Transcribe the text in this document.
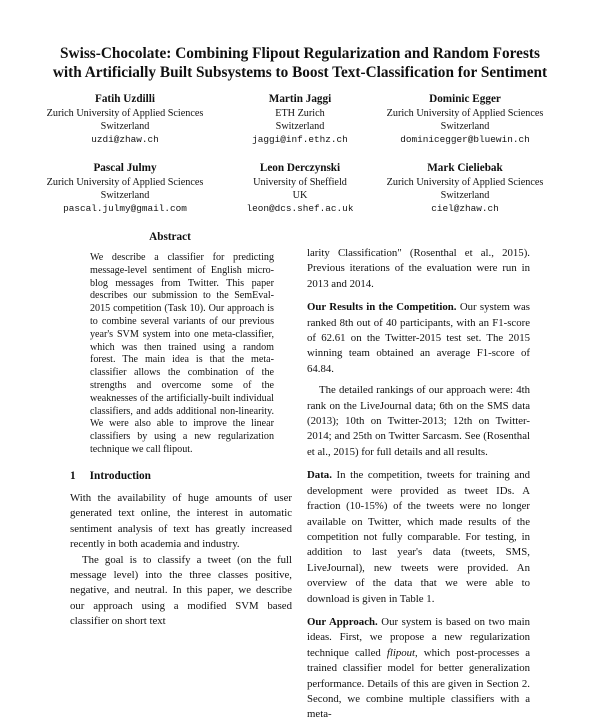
Swiss-Chocolate: Combining Flipout Regularization and Random Forests
with Artificially Built Subsystems to Boost Text-Classification for Sentiment
Fatih Uzdilli
Zurich University of Applied Sciences
Switzerland
uzdi@zhaw.ch
Martin Jaggi
ETH Zurich
Switzerland
jaggi@inf.ethz.ch
Dominic Egger
Zurich University of Applied Sciences
Switzerland
dominicegger@bluewin.ch
Pascal Julmy
Zurich University of Applied Sciences
Switzerland
pascal.julmy@gmail.com
Leon Derczynski
University of Sheffield
UK
leon@dcs.shef.ac.uk
Mark Cieliebak
Zurich University of Applied Sciences
Switzerland
ciel@zhaw.ch
Abstract

We describe a classifier for predicting message-level sentiment of English micro-blog messages from Twitter. This paper describes our submission to the SemEval-2015 competition (Task 10). Our approach is to combine several variants of our previous year's SVM system into one meta-classifier, which was then trained using a random forest. The main idea is that the meta-classifier allows the combination of the strengths and overcome some of the weaknesses of the artificially-built individual classifiers, and adds additional non-linearity. We were also able to improve the linear classifiers by using a new regularization technique we call flipout.

1 Introduction

With the availability of huge amounts of user generated text online, the interest in automatic sentiment analysis of text has greatly increased recently in both academia and industry.

The goal is to classify a tweet (on the full message level) into the three classes positive, negative, and neutral. In this paper, we describe our approach using a modified SVM based classifier on short text

larity Classification" (Rosenthal et al., 2015). Previous iterations of the evaluation were run in 2013 and 2014.

Our Results in the Competition. Our system was ranked 8th out of 40 participants, with an F1-score of 62.61 on the Twitter-2015 test set. The 2015 winning team obtained an average F1-score of 64.84.

The detailed rankings of our approach were: 4th rank on the LiveJournal data; 6th on the SMS data (2013); 10th on Twitter-2013; 12th on Twitter-2014; and 25th on Twitter Sarcasm. See (Rosenthal et al., 2015) for full details and all results.

Data. In the competition, tweets for training and development were provided as tweet IDs. A fraction (10-15%) of the tweets were no longer available on Twitter, which made results of the competition not fully comparable. For testing, in addition to last year's data (tweets, SMS, LiveJournal), new tweets were provided. An overview of the data that we were able to download is given in Table 1.

Our Approach. Our system is based on two main ideas. First, we propose a new regularization technique called flipout, which post-processes a trained classifier model for better generalization performance. Details of this are given in Section 2. Second, we combine multiple classifiers with a meta-
